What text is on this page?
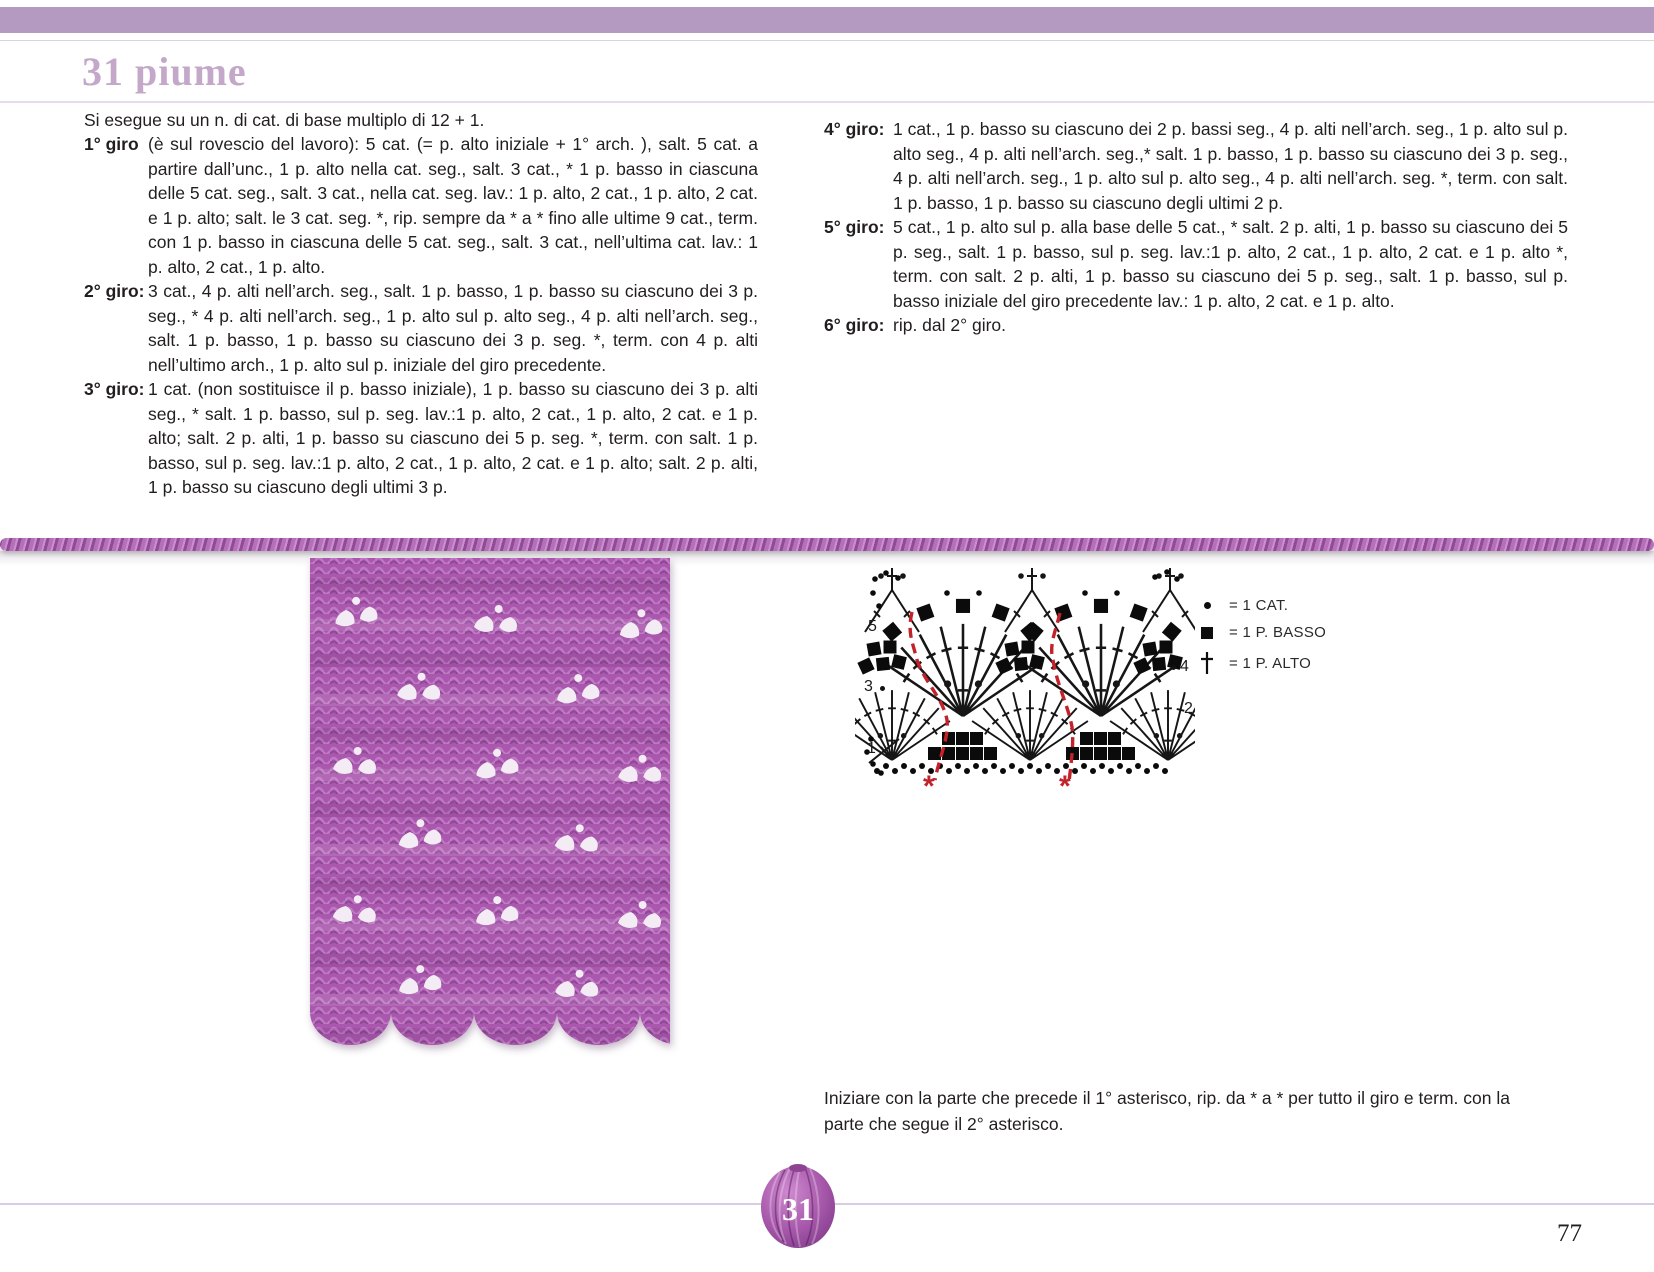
31 piume
Si esegue su un n. di cat. di base multiplo di 12 + 1.

1° giro (è sul rovescio del lavoro): 5 cat. (= p. alto iniziale + 1° arch. ), salt. 5 cat. a partire dall’unc., 1 p. alto nella cat. seg., salt. 3 cat., * 1 p. basso in ciascuna delle 5 cat. seg., salt. 3 cat., nella cat. seg. lav.: 1 p. alto, 2 cat., 1 p. alto, 2 cat. e 1 p. alto; salt. le 3 cat. seg. *, rip. sempre da * a * fino alle ultime 9 cat., term. con 1 p. basso in ciascuna delle 5 cat. seg., salt. 3 cat., nell’ultima cat. lav.: 1 p. alto, 2 cat., 1 p. alto.

2° giro: 3 cat., 4 p. alti nell’arch. seg., salt. 1 p. basso, 1 p. basso su ciascuno dei 3 p. seg., * 4 p. alti nell’arch. seg., 1 p. alto sul p. alto seg., 4 p. alti nell’arch. seg., salt. 1 p. basso, 1 p. basso su ciascuno dei 3 p. seg. *, term. con 4 p. alti nell’ultimo arch., 1 p. alto sul p. iniziale del giro precedente.

3° giro: 1 cat. (non sostituisce il p. basso iniziale), 1 p. basso su ciascuno dei 3 p. alti seg., * salt. 1 p. basso, sul p. seg. lav.:1 p. alto, 2 cat., 1 p. alto, 2 cat. e 1 p. alto; salt. 2 p. alti, 1 p. basso su ciascuno dei 5 p. seg. *, term. con salt. 1 p. basso, sul p. seg. lav.:1 p. alto, 2 cat., 1 p. alto, 2 cat. e 1 p. alto; salt. 2 p. alti, 1 p. basso su ciascuno degli ultimi 3 p.

4° giro: 1 cat., 1 p. basso su ciascuno dei 2 p. bassi seg., 4 p. alti nell’arch. seg., 1 p. alto sul p. alto seg., 4 p. alti nell’arch. seg.,* salt. 1 p. basso, 1 p. basso su ciascuno dei 3 p. seg., 4 p. alti nell’arch. seg., 1 p. alto sul p. alto seg., 4 p. alti nell’arch. seg. *, term. con salt. 1 p. basso, 1 p. basso su ciascuno degli ultimi 2 p.

5° giro: 5 cat., 1 p. alto sul p. alla base delle 5 cat., * salt. 2 p. alti, 1 p. basso su ciascuno dei 5 p. seg., salt. 1 p. basso, sul p. seg. lav.:1 p. alto, 2 cat., 1 p. alto, 2 cat. e 1 p. alto *, term. con salt. 2 p. alti, 1 p. basso su ciascuno dei 5 p. seg., salt. 1 p. basso, sul p. basso iniziale del giro precedente lav.: 1 p. alto, 2 cat. e 1 p. alto.

6° giro: rip. dal 2° giro.

5
3
1
4
2
*	*
= 1 CAT.
= 1 P. BASSO
= 1 P. ALTO
Iniziare con la parte che precede il 1° asterisco, rip. da * a * per tutto il giro e term. con la parte che segue il 2° asterisco.
31
77
